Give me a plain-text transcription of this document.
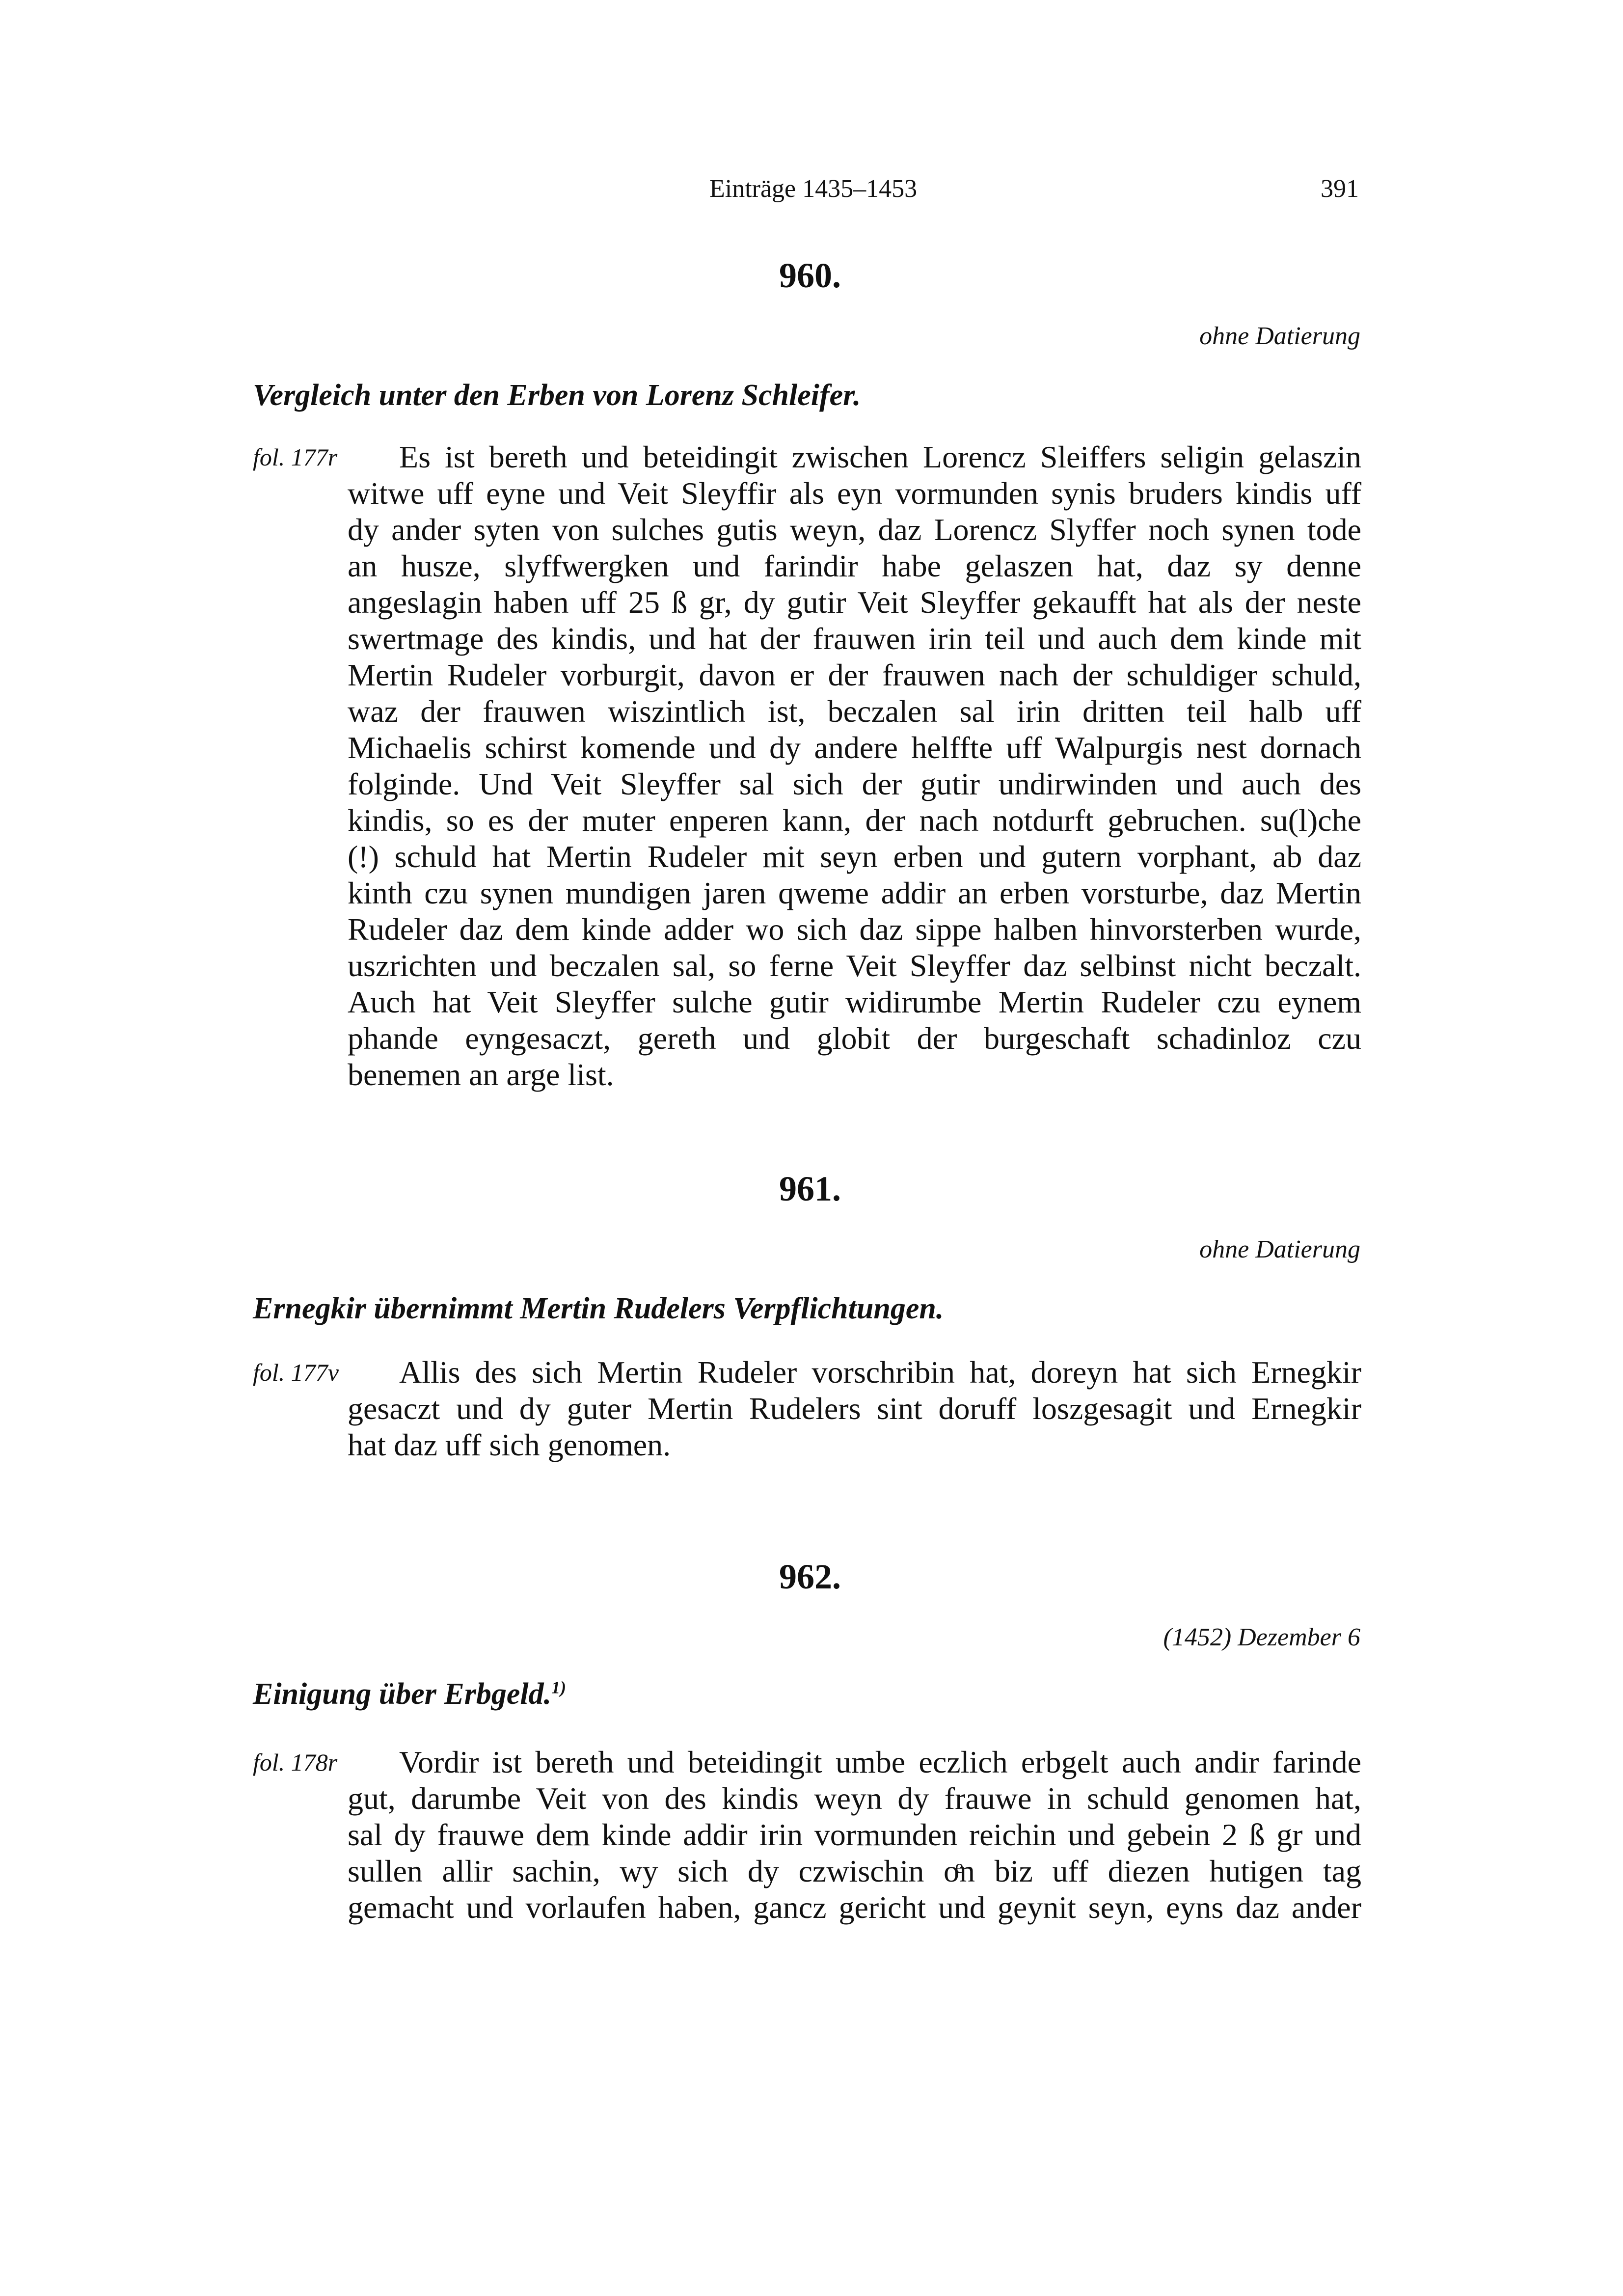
Einträge 1435–1453	391
960.
ohne Datierung
Vergleich unter den Erben von Lorenz Schleifer.
fol. 177r	Es ist bereth und beteidingit zwischen Lorencz Sleiffers seligin gelaszin
witwe uff eyne und Veit Sleyffir als eyn vormunden synis bruders kindis uff
dy ander syten von sulches gutis weyn, daz Lorencz Slyffer noch synen tode
an husze, slyffwergken und farindir habe gelaszen hat, daz sy denne
angeslagin haben uff 25 ß gr, dy gutir Veit Sleyffer gekaufft hat als der neste
swertmage des kindis, und hat der frauwen irin teil und auch dem kinde mit
Mertin Rudeler vorburgit, davon er der frauwen nach der schuldiger schuld,
waz der frauwen wiszintlich ist, beczalen sal irin dritten teil halb uff
Michaelis schirst komende und dy andere helffte uff Walpurgis nest dornach
folginde. Und Veit Sleyffer sal sich der gutir undirwinden und auch des
kindis, so es der muter enperen kann, der nach notdurft gebruchen. su(l)che
(!) schuld hat Mertin Rudeler mit seyn erben und gutern vorphant, ab daz
kinth czu synen mundigen jaren qweme addir an erben vorsturbe, daz Mertin
Rudeler daz dem kinde adder wo sich daz sippe halben hinvorsterben wurde,
uszrichten und beczalen sal, so ferne Veit Sleyffer daz selbinst nicht beczalt.
Auch hat Veit Sleyffer sulche gutir widirumbe Mertin Rudeler czu eynem
phande eyngesaczt, gereth und globit der burgeschaft schadinloz czu
benemen an arge list.
961.
ohne Datierung
Ernegkir übernimmt Mertin Rudelers Verpflichtungen.
fol. 177v	Allis des sich Mertin Rudeler vorschribin hat, doreyn hat sich Ernegkir
gesaczt und dy guter Mertin Rudelers sint doruff loszgesagit und Ernegkir
hat daz uff sich genomen.
962.
(1452) Dezember 6
Einigung über Erbgeld.$^{1)}$
fol. 178r	Vordir ist bereth und beteidingit umbe eczlich erbgelt auch andir farinde
gut, darumbe Veit von des kindis weyn dy frauwe in schuld genomen hat,
sal dy frauwe dem kinde addir irin vormunden reichin und gebein 2 ß gr und
sullen allir sachin, wy sich dy czwischin oͤn biz uff diezen hutigen tag
gemacht und vorlaufen haben, gancz gericht und geynit seyn, eyns daz ander
